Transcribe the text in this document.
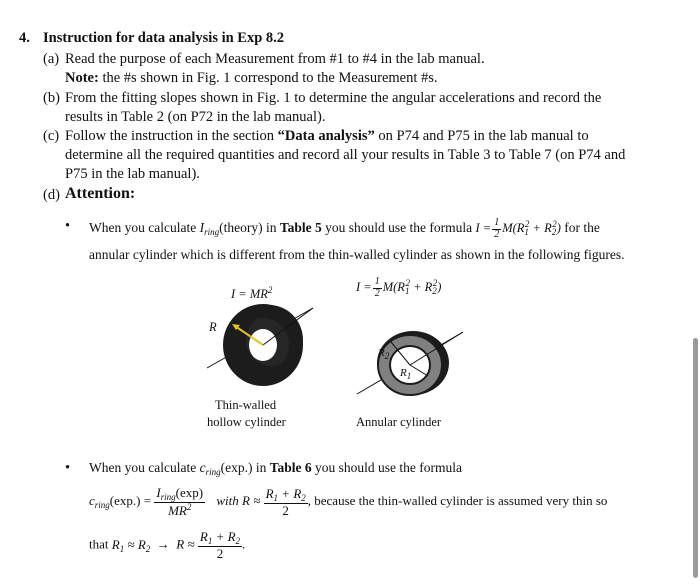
4. Instruction for data analysis in Exp 8.2
(a) Read the purpose of each Measurement from #1 to #4 in the lab manual.
Note: the #s shown in Fig. 1 correspond to the Measurement #s.
(b) From the fitting slopes shown in Fig. 1 to determine the angular accelerations and record the
results in Table 2 (on P72 in the lab manual).
(c) Follow the instruction in the section “Data analysis” on P74 and P75 in the lab manual to
determine all the required quantities and record all your results in Table 3 to Table 7 (on P74 and
P75 in the lab manual).
(d) Attention:
• When you calculate $I_{ring}(theory)$ in Table 5 you should use the formula $I = \frac{1}{2} M(R_1^2 + R_2^2)$ for the
annular cylinder which is different from the thin-walled cylinder as shown in the following figures.
$I = MR^2$
R
Thin-walled
hollow cylinder
$I = \frac{1}{2} M(R_1^2 + R_2^2)$
$R_2$
$R_1$
Annular cylinder
• When you calculate $c_{ring}(\exp.)$ in Table 6 you should use the formula
$c_{ring}(\exp.) = \frac{I_{ring}(\exp)}{MR^2}$ with $R \approx \frac{R_1 + R_2}{2}$ , because the thin-walled cylinder is assumed very thin so
that $R_1 \approx R_2 \to R \approx \frac{R_1 + R_2}{2}$ .
